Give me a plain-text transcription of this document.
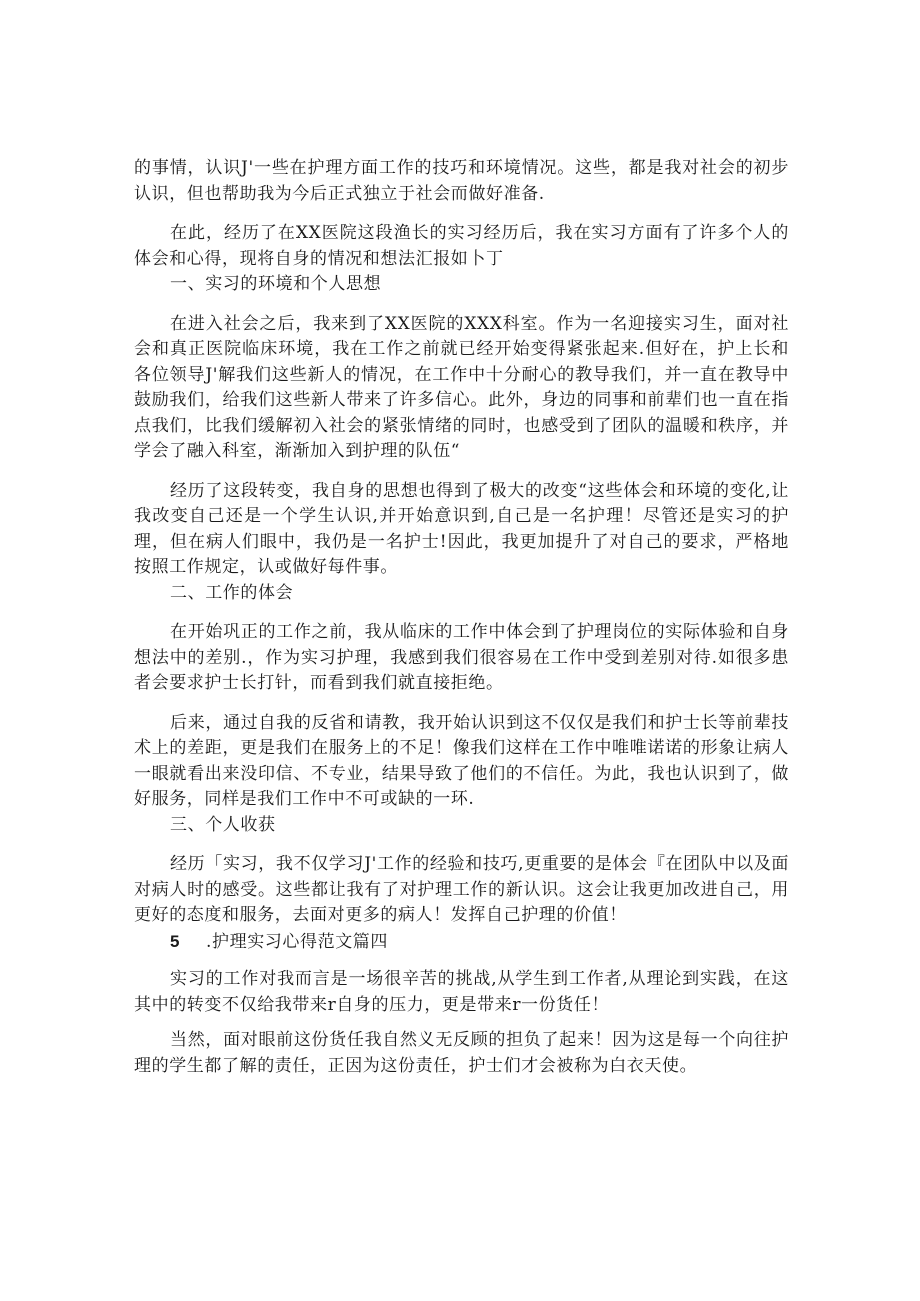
的事情，认识J'一些在护理方面工作的技巧和环境情况。这些，都是我对社会的初步认识，但也帮助我为今后正式独立于社会而做好准备.

在此，经历了在XX医院这段渔长的实习经历后，我在实习方面有了许多个人的体会和心得，现将自身的情况和想法汇报如卜丁

一、实习的环境和个人思想

在进入社会之后，我来到了XX医院的XXX科室。作为一名迎接实习生，面对社会和真正医院临床环境，我在工作之前就已经开始变得紧张起来.但好在，护上长和各位领导J'解我们这些新人的情况，在工作中十分耐心的教导我们，并一直在教导中鼓励我们，给我们这些新人带来了许多信心。此外，身边的同事和前辈们也一直在指点我们，比我们缓解初入社会的紧张情绪的同时，也感受到了团队的温暖和秩序，并学会了融入科室，渐渐加入到护理的队伍“

经历了这段转变，我自身的思想也得到了极大的改变“这些体会和环境的变化,让我改变自己还是一个学生认识,并开始意识到,自己是一名护理！尽管还是实习的护理，但在病人们眼中，我仍是一名护士!因此，我更加提升了对自己的要求，严格地按照工作规定，认或做好每件事。

二、工作的体会

在开始巩正的工作之前，我从临床的工作中体会到了护理岗位的实际体验和自身想法中的差别.，作为实习护理，我感到我们很容易在工作中受到差别对待.如很多患者会要求护士长打针，而看到我们就直接拒绝。

后来，通过自我的反省和请教，我开始认识到这不仅仅是我们和护士长等前辈技术上的差距，更是我们在服务上的不足！像我们这样在工作中唯唯诺诺的形象让病人一眼就看出来没印信、不专业，结果导致了他们的不信任。为此，我也认识到了，做好服务，同样是我们工作中不可或缺的一环.

三、个人收获

经历「实习，我不仅学习J'工作的经验和技巧,更重要的是体会『在团队中以及面对病人时的感受。这些都让我有了对护理工作的新认识。这会让我更加改进自己，用更好的态度和服务，去面对更多的病人！发挥自己护理的价值！

5 .护理实习心得范文篇四

实习的工作对我而言是一场很辛苦的挑战,从学生到工作者,从理论到实践，在这其中的转变不仅给我带来r自身的压力，更是带来r一份货任！

当然，面对眼前这份货任我自然义无反顾的担负了起来！因为这是每一个向往护理的学生都了解的责任，正因为这份责任，护士们才会被称为白衣天使。
